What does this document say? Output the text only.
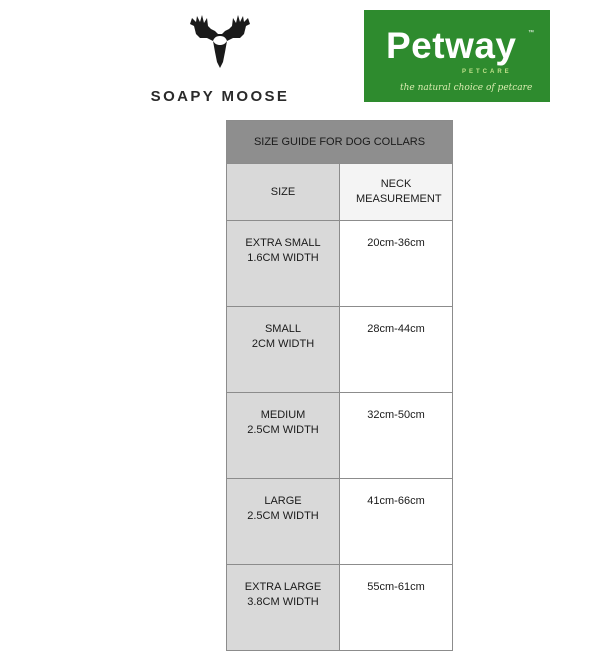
SOAPY MOOSE
Petway ™
PETCARE
the natural choice of petcare
SIZE GUIDE FOR DOG COLLARS	
SIZE	NECK MEASUREMENT
EXTRA SMALL
1.6CM WIDTH	20cm-36cm
SMALL
2CM WIDTH	28cm-44cm
MEDIUM
2.5CM WIDTH	32cm-50cm
LARGE
2.5CM WIDTH	41cm-66cm
EXTRA LARGE
3.8CM WIDTH	55cm-61cm
